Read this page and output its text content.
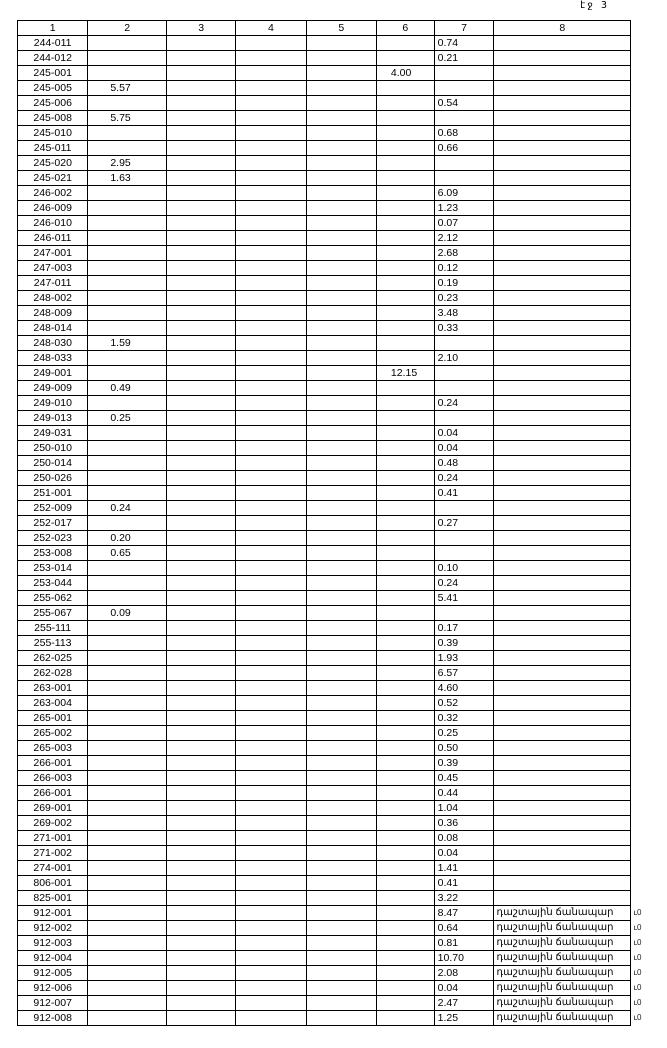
էջ 3
1	2	3	4	5	6	7	8
244-011						0.74	
244-012						0.21	
245-001					4.00		
245-005	5.57						
245-006						0.54	
245-008	5.75						
245-010						0.68	
245-011						0.66	
245-020	2.95						
245-021	1.63						
246-002						6.09	
246-009						1.23	
246-010						0.07	
246-011						2.12	
247-001						2.68	
247-003						0.12	
247-011						0.19	
248-002						0.23	
248-009						3.48	
248-014						0.33	
248-030	1.59						
248-033						2.10	
249-001					12.15		
249-009	0.49						
249-010						0.24	
249-013	0.25						
249-031						0.04	
250-010						0.04	
250-014						0.48	
250-026						0.24	
251-001						0.41	
252-009	0.24						
252-017						0.27	
252-023	0.20						
253-008	0.65						
253-014						0.10	
253-044						0.24	
255-062						5.41	
255-067	0.09						
255-111						0.17	
255-113						0.39	
262-025						1.93	
262-028						6.57	
263-001						4.60	
263-004						0.52	
265-001						0.32	
265-002						0.25	
265-003						0.50	
266-001						0.39	
266-003						0.45	
266-001						0.44	
269-001						1.04	
269-002						0.36	
271-001						0.08	
271-002						0.04	
274-001						1.41	
806-001						0.41	
825-001						3.22	
912-001						8.47	դաշտային ճանապար ւ0

912-002						0.64	դաշտային ճանապար ւ0

912-003						0.81	դաշտային ճանապար ւ0

912-004						10.70	դաշտային ճանապար ւ0

912-005						2.08	դաշտային ճանապար ւ0

912-006						0.04	դաշտային ճանապար ւ0

912-007						2.47	դաշտային ճանապար ւ0

912-008						1.25	դաշտային ճանապար ւ0
